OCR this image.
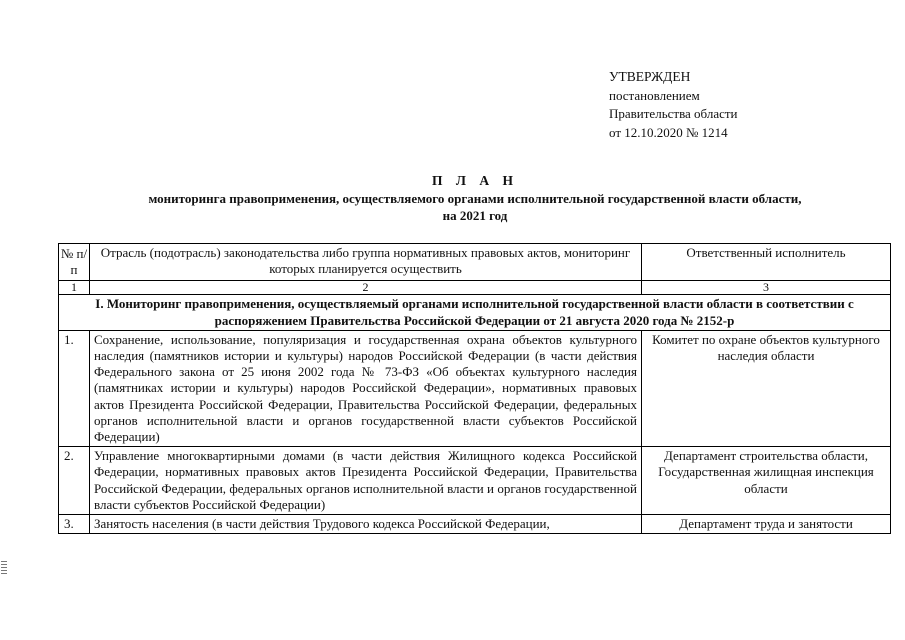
УТВЕРЖДЕН
постановлением
Правительства области
от 12.10.2020 № 1214
П Л А Н
мониторинга правоприменения, осуществляемого органами исполнительной государственной власти области,
на 2021 год
№ п/п	Отрасль (подотрасль) законодательства либо группа нормативных правовых актов, мониторинг которых планируется осуществить	Ответственный исполнитель
1	2	3
I. Мониторинг правоприменения, осуществляемый органами исполнительной государственной власти области в соответствии с распоряжением Правительства Российской Федерации от 21 августа 2020 года № 2152-р		
1.	Сохранение, использование, популяризация и государственная охрана объектов культурного наследия (памятников истории и культуры) народов Российской Федерации (в части действия Федерального закона от 25 июня 2002 года № 73-ФЗ «Об объектах культурного наследия (памятниках истории и культуры) народов Российской Федерации», нормативных правовых актов Президента Российской Федерации, Правительства Российской Федерации, федеральных органов исполнительной власти и органов государственной власти субъектов Российской Федерации)	Комитет по охране объектов культурного наследия области
2.	Управление многоквартирными домами (в части действия Жилищного кодекса Российской Федерации, нормативных правовых актов Президента Российской Федерации, Правительства Российской Федерации, федеральных органов исполнительной власти и органов государственной власти субъектов Российской Федерации)	Департамент строительства области, Государственная жилищная инспекция области
3.	Занятость населения (в части действия Трудового кодекса Российской Федерации,	Департамент труда и занятости
